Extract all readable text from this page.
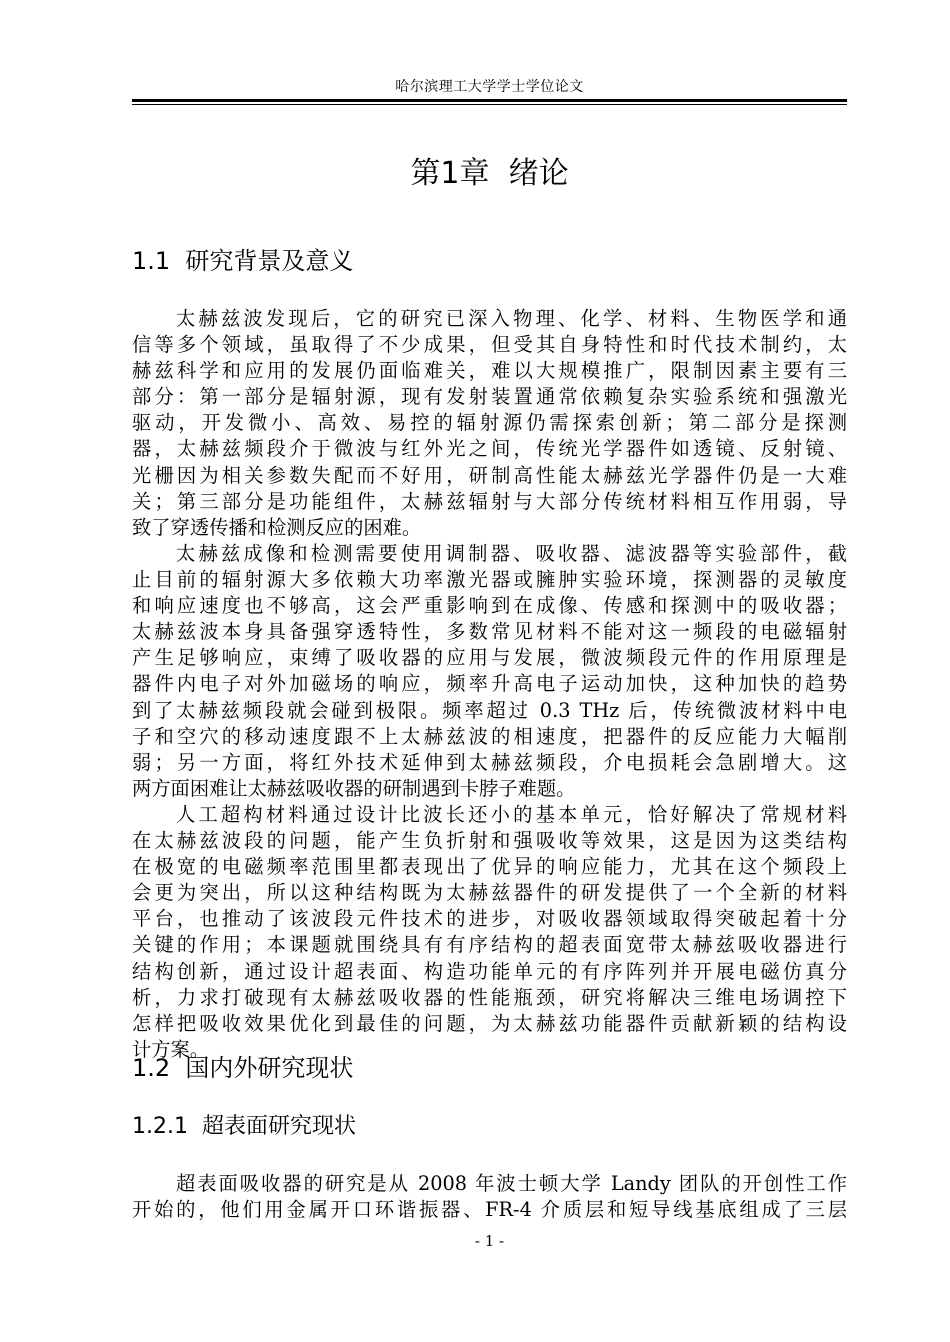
哈尔滨理工大学学士学位论文
第1章  绪论
1.1  研究背景及意义
太赫兹波发现后，它的研究已深入物理、化学、材料、生物医学和通
信等多个领域，虽取得了不少成果，但受其自身特性和时代技术制约，太
赫兹科学和应用的发展仍面临难关，难以大规模推广，限制因素主要有三
部分：第一部分是辐射源，现有发射装置通常依赖复杂实验系统和强激光
驱动，开发微小、高效、易控的辐射源仍需探索创新；第二部分是探测
器，太赫兹频段介于微波与红外光之间，传统光学器件如透镜、反射镜、
光栅因为相关参数失配而不好用，研制高性能太赫兹光学器件仍是一大难
关；第三部分是功能组件，太赫兹辐射与大部分传统材料相互作用弱，导
致了穿透传播和检测反应的困难。
太赫兹成像和检测需要使用调制器、吸收器、滤波器等实验部件，截
止目前的辐射源大多依赖大功率激光器或臃肿实验环境，探测器的灵敏度
和响应速度也不够高，这会严重影响到在成像、传感和探测中的吸收器；
太赫兹波本身具备强穿透特性，多数常见材料不能对这一频段的电磁辐射
产生足够响应，束缚了吸收器的应用与发展，微波频段元件的作用原理是
器件内电子对外加磁场的响应，频率升高电子运动加快，这种加快的趋势
到了太赫兹频段就会碰到极限。频率超过 0.3 THz 后，传统微波材料中电
子和空穴的移动速度跟不上太赫兹波的相速度，把器件的反应能力大幅削
弱；另一方面，将红外技术延伸到太赫兹频段，介电损耗会急剧增大。这
两方面困难让太赫兹吸收器的研制遇到卡脖子难题。
人工超构材料通过设计比波长还小的基本单元，恰好解决了常规材料
在太赫兹波段的问题，能产生负折射和强吸收等效果，这是因为这类结构
在极宽的电磁频率范围里都表现出了优异的响应能力，尤其在这个频段上
会更为突出，所以这种结构既为太赫兹器件的研发提供了一个全新的材料
平台，也推动了该波段元件技术的进步，对吸收器领域取得突破起着十分
关键的作用；本课题就围绕具有有序结构的超表面宽带太赫兹吸收器进行
结构创新，通过设计超表面、构造功能单元的有序阵列并开展电磁仿真分
析，力求打破现有太赫兹吸收器的性能瓶颈，研究将解决三维电场调控下
怎样把吸收效果优化到最佳的问题，为太赫兹功能器件贡献新颖的结构设
计方案。
1.2  国内外研究现状
1.2.1  超表面研究现状
超表面吸收器的研究是从 2008 年波士顿大学 Landy 团队的开创性工作
开始的，他们用金属开口环谐振器、FR-4 介质层和短导线基底组成了三层
- 1 -
